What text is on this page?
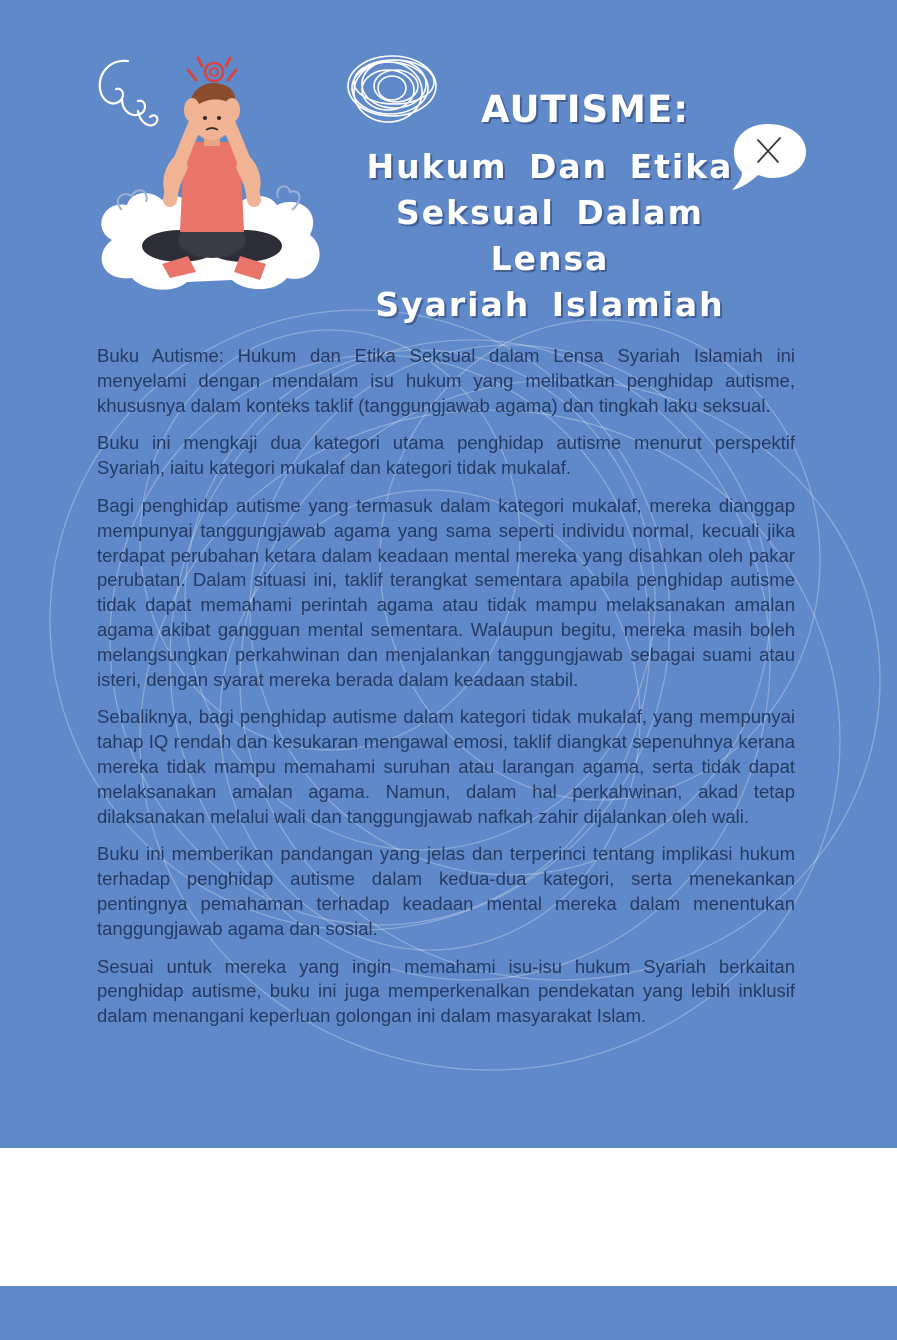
AUTISME:
Hukum Dan Etika
Seksual Dalam Lensa
Syariah Islamiah

Buku Autisme: Hukum dan Etika Seksual dalam Lensa Syariah Islamiah ini menyelami dengan mendalam isu hukum yang melibatkan penghidap autisme, khususnya dalam konteks taklif (tanggungjawab agama) dan tingkah laku seksual.

Buku ini mengkaji dua kategori utama penghidap autisme menurut perspektif Syariah, iaitu kategori mukalaf dan kategori tidak mukalaf.

Bagi penghidap autisme yang termasuk dalam kategori mukalaf, mereka dianggap mempunyai tanggungjawab agama yang sama seperti individu normal, kecuali jika terdapat perubahan ketara dalam keadaan mental mereka yang disahkan oleh pakar perubatan. Dalam situasi ini, taklif terangkat sementara apabila penghidap autisme tidak dapat memahami perintah agama atau tidak mampu melaksanakan amalan agama akibat gangguan mental sementara. Walaupun begitu, mereka masih boleh melangsungkan perkahwinan dan menjalankan tanggungjawab sebagai suami atau isteri, dengan syarat mereka berada dalam keadaan stabil.

Sebaliknya, bagi penghidap autisme dalam kategori tidak mukalaf, yang mempunyai tahap IQ rendah dan kesukaran mengawal emosi, taklif diangkat sepenuhnya kerana mereka tidak mampu memahami suruhan atau larangan agama, serta tidak dapat melaksanakan amalan agama. Namun, dalam hal perkahwinan, akad tetap dilaksanakan melalui wali dan tanggungjawab nafkah zahir dijalankan oleh wali.

Buku ini memberikan pandangan yang jelas dan terperinci tentang implikasi hukum terhadap penghidap autisme dalam kedua-dua kategori, serta menekankan pentingnya pemahaman terhadap keadaan mental mereka dalam menentukan tanggungjawab agama dan sosial.

Sesuai untuk mereka yang ingin memahami isu-isu hukum Syariah berkaitan penghidap autisme, buku ini juga memperkenalkan pendekatan yang lebih inklusif dalam menangani keperluan golongan ini dalam masyarakat Islam.
